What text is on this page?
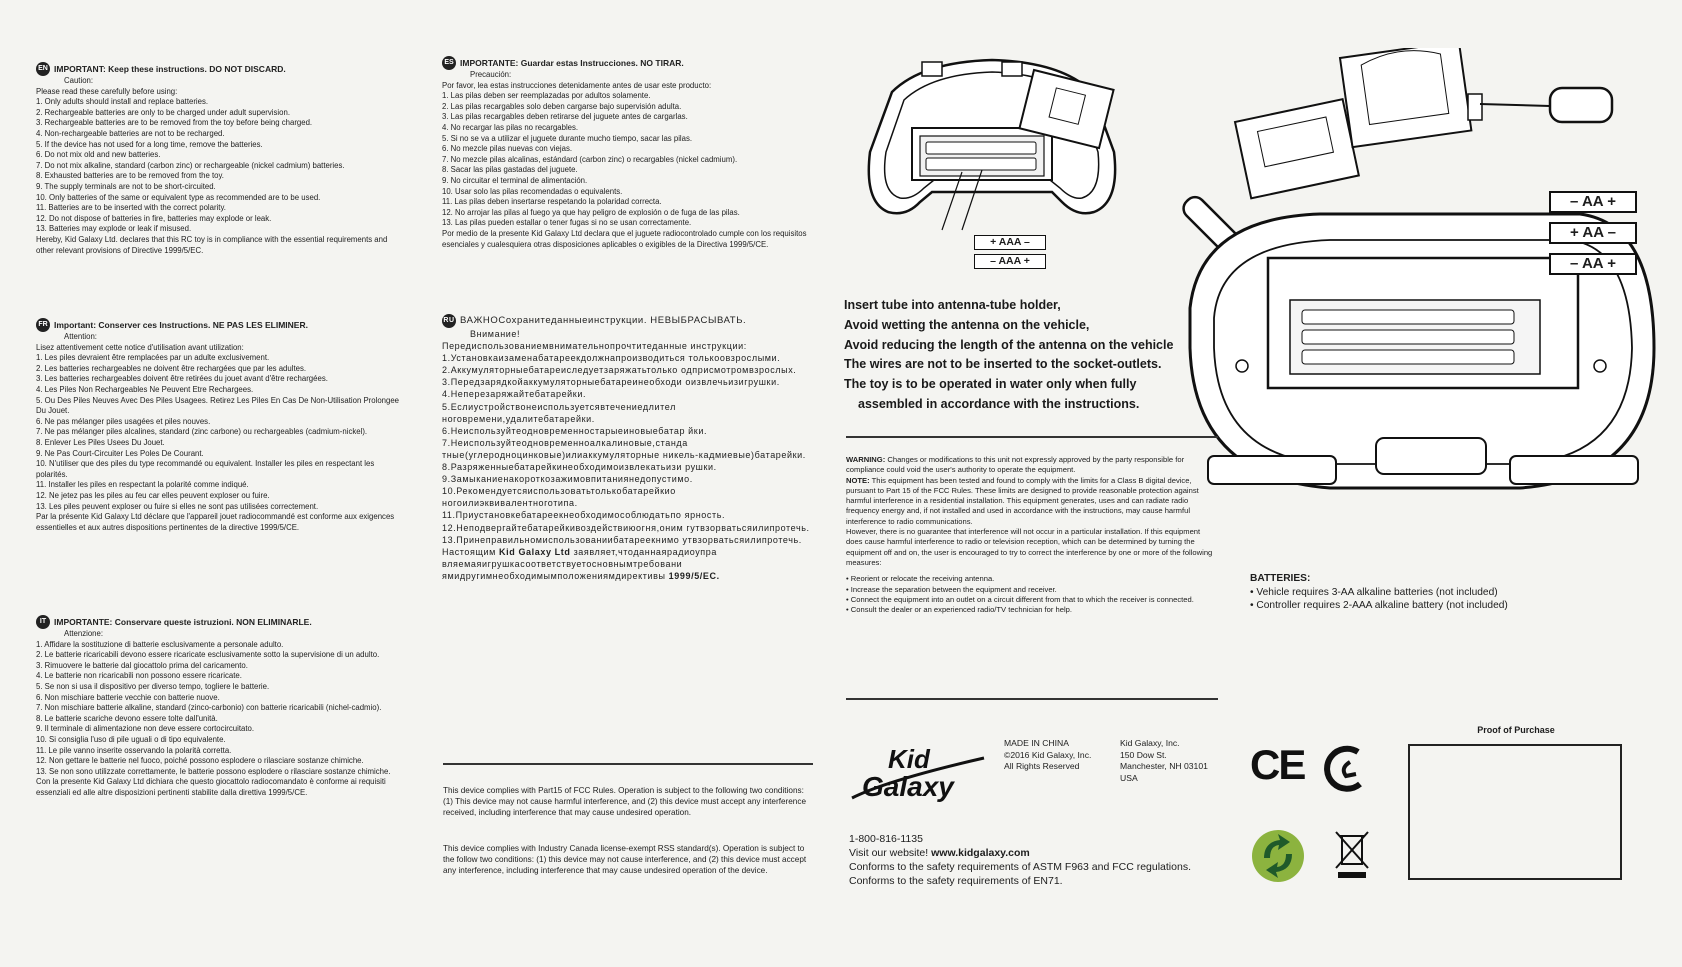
EN IMPORTANT: Keep these instructions. DO NOT DISCARD.
Caution:
Please read these carefully before using:
1. Only adults should install and replace batteries.
2. Rechargeable batteries are only to be charged under adult supervision.
3. Rechargeable batteries are to be removed from the toy before being charged.
4. Non-rechargeable batteries are not to be recharged.
5. If the device has not used for a long time, remove the batteries.
6. Do not mix old and new batteries.
7. Do not mix alkaline, standard (carbon zinc) or rechargeable (nickel cadmium) batteries.
8. Exhausted batteries are to be removed from the toy.
9. The supply terminals are not to be short-circuited.
10. Only batteries of the same or equivalent type as recommended are to be used.
11. Batteries are to be inserted with the correct polarity.
12. Do not dispose of batteries in fire, batteries may explode or leak.
13. Batteries may explode or leak if misused.
Hereby, Kid Galaxy Ltd. declares that this RC toy is in compliance with the essential requirements and other relevant provisions of Directive 1999/5/EC.
FR Important: Conserver ces Instructions. NE PAS LES ELIMINER.
Attention:
Lisez attentivement cette notice d'utilisation avant utilization:
1. Les piles devraient être remplacées par un adulte exclusivement.
2. Les batteries rechargeables ne doivent être rechargées que par les adultes.
3. Les batteries rechargeables doivent être retirées du jouet avant d'être rechargées.
4. Les Piles Non Rechargeables Ne Peuvent Etre Rechargees.
5. Ou Des Piles Neuves Avec Des Piles Usagees. Retirez Les Piles En Cas De Non-Utilisation Prolongee Du Jouet.
6. Ne pas mélanger piles usagées et piles nouves.
7. Ne pas mélanger piles alcalines, standard (zinc carbone) ou rechargeables (cadmium-nickel).
8. Enlever Les Piles Usees Du Jouet.
9. Ne Pas Court-Circuiter Les Poles De Courant.
10. N'utiliser que des piles du type recommandé ou equivalent. Installer les piles en respectant les polarités.
11. Installer les piles en respectant la polarité comme indiqué.
12. Ne jetez pas les piles au feu car elles peuvent exploser ou fuire.
13. Les piles peuvent exploser ou fuire si elles ne sont pas utilisées correctement.
Par la présente Kid Galaxy Ltd déclare que l'appareil jouet radiocommandé est conforme aux exigences essentielles et aux autres dispositions pertinentes de la directive 1999/5/CE.
IT IMPORTANTE: Conservare queste istruzioni. NON ELIMINARLE.
Attenzione:
1. Affidare la sostituzione di batterie esclusivamente a personale adulto.
2. Le batterie ricaricabili devono essere ricaricate esclusivamente sotto la supervisione di un adulto.
3. Rimuovere le batterie dal giocattolo prima del caricamento.
4. Le batterie non ricaricabili non possono essere ricaricate.
5. Se non si usa il dispositivo per diverso tempo, togliere le batterie.
6. Non mischiare batterie vecchie con batterie nuove.
7. Non mischiare batterie alkaline, standard (zinco-carbonio) con batterie ricaricabili (nichel-cadmio).
8. Le batterie scariche devono essere tolte dall'unità.
9. Il terminale di alimentazione non deve essere cortocircuitato.
10. Si consiglia l'uso di pile uguali o di tipo equivalente.
11. Le pile vanno inserite osservando la polarità corretta.
12. Non gettare le batterie nel fuoco, poiché possono esplodere o rilasciare sostanze chimiche.
13. Se non sono utilizzate correttamente, le batterie possono esplodere o rilasciare sostanze chimiche.
Con la presente Kid Galaxy Ltd dichiara che questo giocattolo radiocomandato è conforme ai requisiti essenziali ed alle altre disposizioni pertinenti stabilite dalla direttiva 1999/5/CE.
ES IMPORTANTE: Guardar estas Instrucciones. NO TIRAR.
Precaución:
Por favor, lea estas instrucciones detenidamente antes de usar este producto:
1. Las pilas deben ser reemplazadas por adultos solamente.
2. Las pilas recargables solo deben cargarse bajo supervisión adulta.
3. Las pilas recargables deben retirarse del juguete antes de cargarlas.
4. No recargar las pilas no recargables.
5. Si no se va a utilizar el juguete durante mucho tiempo, sacar las pilas.
6. No mezcle pilas nuevas con viejas.
7. No mezcle pilas alcalinas, estándard (carbon zinc) o recargables (nickel cadmium).
8. Sacar las pilas gastadas del juguete.
9. No circuitar el terminal de alimentación.
10. Usar solo las pilas recomendadas o equivalents.
11. Las pilas deben insertarse respetando la polaridad correcta.
12. No arrojar las pilas al fuego ya que hay peligro de explosión o de fuga de las pilas.
13. Las pilas pueden estallar o tener fugas si no se usan correctamente.
Por medio de la presente Kid Galaxy Ltd declara que el juguete radiocontrolado cumple con los requisitos esenciales y cualesquiera otras disposiciones aplicables o exigibles de la Directiva 1999/5/CE.
RU ВАЖНОСохранитеданныеинструкции. НЕВЫБРАСЫВАТЬ.
Внимание!
Передиспользованиемвнимательнопрочтитеданные инструкции:
1.Установкаизаменабатареекдолжнапроизводиться толькоовзрослыми.
2.Аккумуляторныебатареиследуетзаряжатьтолько одприсмотромвзрослых.
3.Передзарядкойаккумуляторныебатареинеобходи оизвлечьизигрушки.
4.Неперезаряжайтебатарейки.
5.Еслиустройствонеиспользуетсявтечениедлител ноговремени,удалитебатарейки.
6.Неиспользуйтеодновременностарыеиновыебатар йки.
7.Неиспользуйтеодновременноалкалиновые,станда тные(углеродноцинковые)илиаккумуляторные никель-кадмиевые)батарейки.
8.Разряженныебатарейкинеобходимоизвлекатьизи рушки.
9.Замыканиенакороткозажимовпитаниянедопустимо.
10.Рекомендуетсяиспользоватьтолькобатарейкио ногоилиэквивалентноготипа.
11.Приустановкебатареекнеобходимособлюдатьпо ярность.
12.Неподвергайтебатарейкивоздействиюогня,оним гутвзорватьсяилипротечь.
13.Принеправильномиспользованиибатареекнимо утвзорватьсяилипротечь.
Настоящим Kid Galaxy Ltd заявляет,чтоданнаярадиоупра вляемаяигрушкасоответствуетосновнымтребовани ямидругимнеобходимымположениямдирективы 1999/5/EC.
This device complies with Part15 of FCC Rules. Operation is subject to the following two conditions: (1) This device may not cause harmful interference, and (2) this device must accept any interference received, including interference that may cause undesired operation.
This device complies with Industry Canada license-exempt RSS standard(s). Operation is subject to the follow two conditions: (1) this device may not cause interference, and (2) this device must accept any interference, including interference that may cause undesired operation of the device.
+ AAA –
– AAA +
– AA +
+ AA –
– AA +
Insert tube into antenna-tube holder,
Avoid wetting the antenna on the vehicle,
Avoid reducing the length of the antenna on the vehicle
The wires are not to be inserted to the socket-outlets.
The toy is to be operated in water only when fully
assembled in accordance with the instructions.
WARNING: Changes or modifications to this unit not expressly approved by the party responsible for compliance could void the user's authority to operate the equipment.
NOTE: This equipment has been tested and found to comply with the limits for a Class B digital device, pursuant to Part 15 of the FCC Rules. These limits are designed to provide reasonable protection against harmful interference in a residential installation. This equipment generates, uses and can radiate radio frequency energy and, if not installed and used in accordance with the instructions, may cause harmful interference to radio communications.
However, there is no guarantee that interference will not occur in a particular installation. If this equipment does cause harmful interference to radio or television reception, which can be determined by turning the equipment off and on, the user is encouraged to try to correct the interference by one or more of the following measures:
• Reorient or relocate the receiving antenna.
• Increase the separation between the equipment and receiver.
• Connect the equipment into an outlet on a circuit different from that to which the receiver is connected.
• Consult the dealer or an experienced radio/TV technician for help.
Kid
Galaxy
MADE IN CHINA
©2016 Kid Galaxy, Inc.
All Rights Reserved
Kid Galaxy, Inc.
150 Dow St.
Manchester, NH 03101
USA
1-800-816-1135
Visit our website! www.kidgalaxy.com
Conforms to the safety requirements of ASTM F963 and FCC regulations.
Conforms to the safety requirements of EN71.
CE
BATTERIES:
• Vehicle requires 3-AA alkaline batteries (not included)
• Controller requires 2-AAA alkaline battery (not included)
Proof of Purchase
